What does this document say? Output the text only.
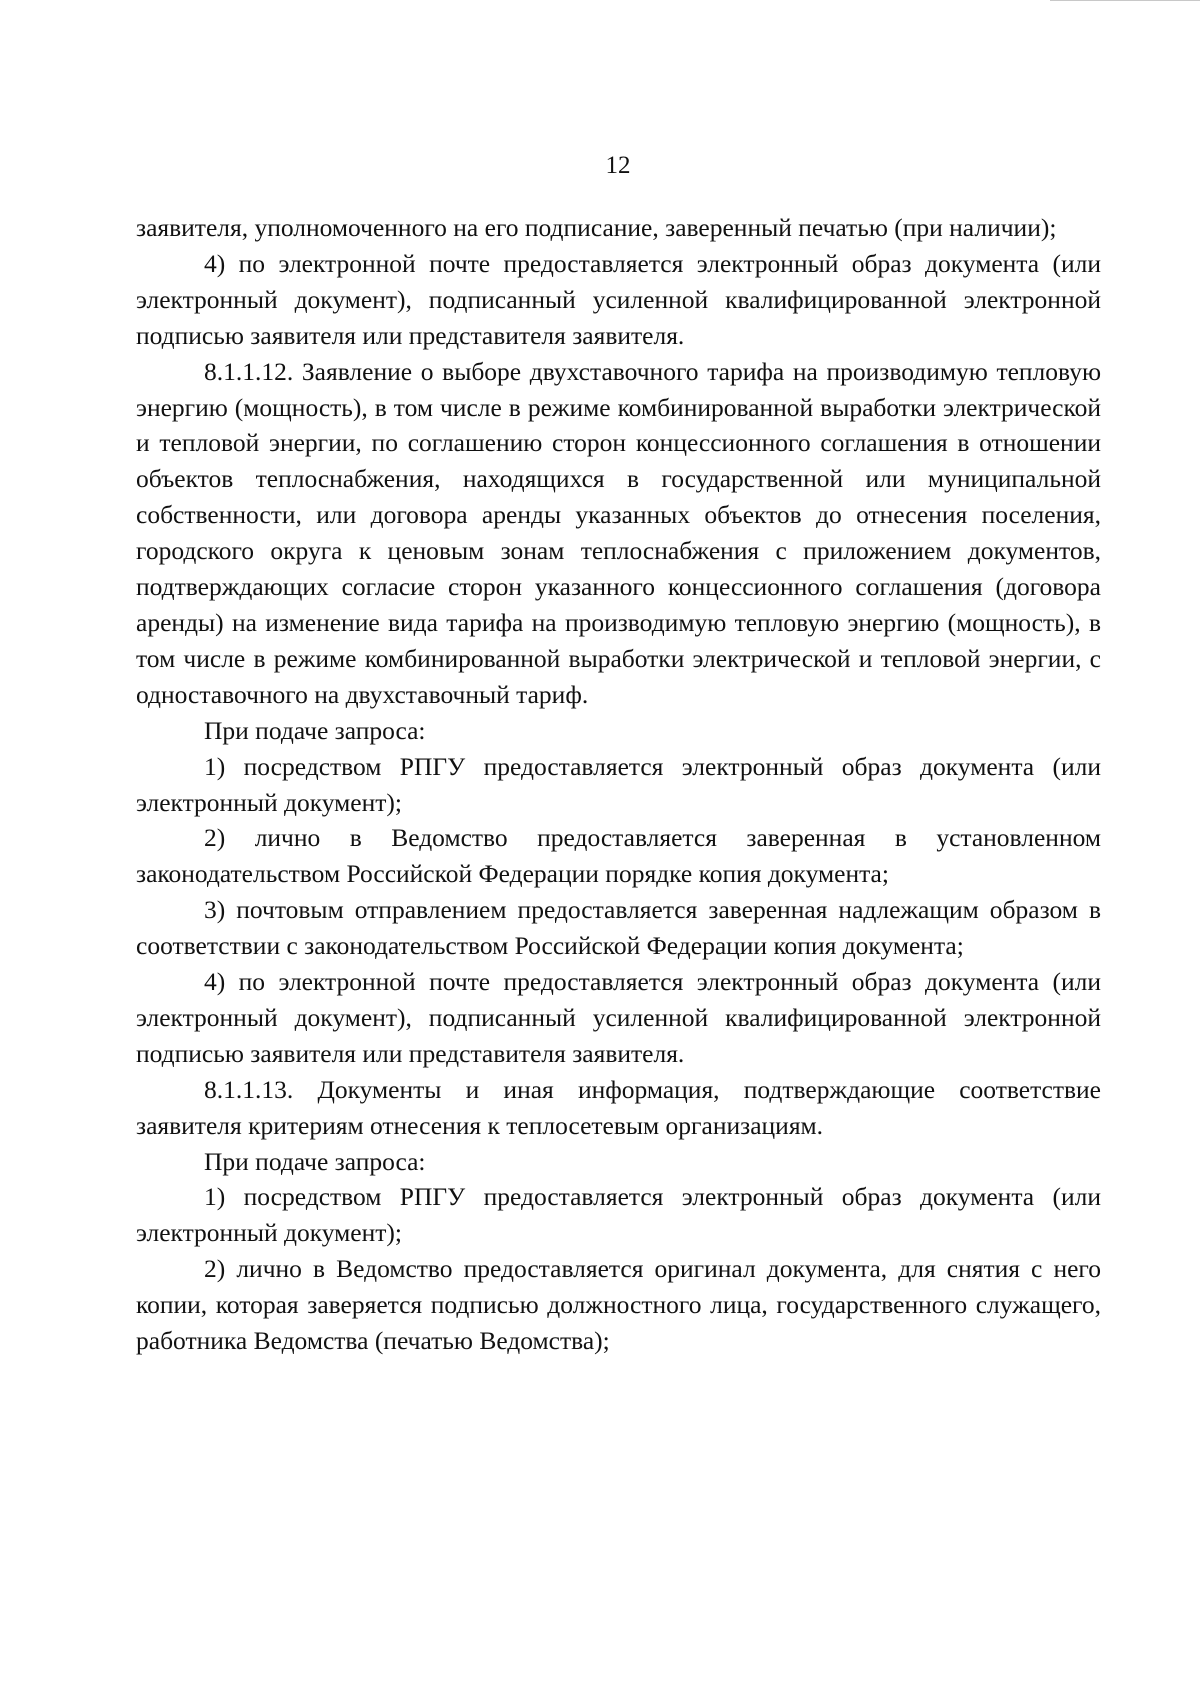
12

заявителя, уполномоченного на его подписание, заверенный печатью (при наличии);

4) по электронной почте предоставляется электронный образ документа (или электронный документ), подписанный усиленной квалифицированной электронной подписью заявителя или представителя заявителя.

8.1.1.12. Заявление о выборе двухставочного тарифа на производимую тепловую энергию (мощность), в том числе в режиме комбинированной выработки электрической и тепловой энергии, по соглашению сторон концессионного соглашения в отношении объектов теплоснабжения, находящихся в государственной или муниципальной собственности, или договора аренды указанных объектов до отнесения поселения, городского округа к ценовым зонам теплоснабжения с приложением документов, подтверждающих согласие сторон указанного концессионного соглашения (договора аренды) на изменение вида тарифа на производимую тепловую энергию (мощность), в том числе в режиме комбинированной выработки электрической и тепловой энергии, с одноставочного на двухставочный тариф.

При подаче запроса:

1) посредством РПГУ предоставляется электронный образ документа (или электронный документ);

2) лично в Ведомство предоставляется заверенная в установленном законодательством Российской Федерации порядке копия документа;

3) почтовым отправлением предоставляется заверенная надлежащим образом в соответствии с законодательством Российской Федерации копия документа;

4) по электронной почте предоставляется электронный образ документа (или электронный документ), подписанный усиленной квалифицированной электронной подписью заявителя или представителя заявителя.

8.1.1.13. Документы и иная информация, подтверждающие соответствие заявителя критериям отнесения к теплосетевым организациям.

При подаче запроса:

1) посредством РПГУ предоставляется электронный образ документа (или электронный документ);

2) лично в Ведомство предоставляется оригинал документа, для снятия с него копии, которая заверяется подписью должностного лица, государственного служащего, работника Ведомства (печатью Ведомства);
